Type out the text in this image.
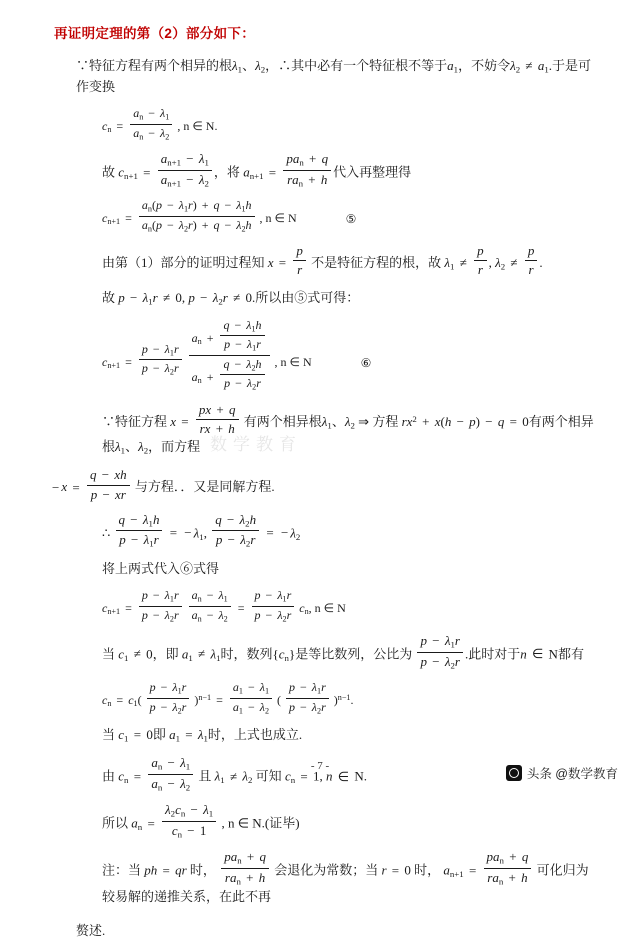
再证明定理的第（2）部分如下：
∵特征方程有两个相异的根$\lambda_1$、$\lambda_2$，∴其中必有一个特征根不等于$a_1$，不妨令$\lambda_2 \ne a_1$.于是可作变换
$c_n = \frac{a_n - \lambda_1}{a_n - \lambda_2}$ , n ∈ N.
故 $c_{n+1} = \frac{a_{n+1} - \lambda_1}{a_{n+1} - \lambda_2}$ ，将 $a_{n+1} = \frac{pa_n + q}{ra_n + h}$ 代入再整理得
$c_{n+1} = \frac{a_n(p - \lambda_1r) + q - \lambda_1h}{a_n(p - \lambda_2r) + q - \lambda_2h}$ , n ∈ N	⑤
由第（1）部分的证明过程知 $x = \frac{p}{r}$ 不是特征方程的根，故 $\lambda_1 \ne \frac{p}{r}$ , $\lambda_2 \ne \frac{p}{r}$ .
故 $p - \lambda_1r \ne 0$, $p - \lambda_2r \ne 0$.所以由⑤式可得：
$c_{n+1} = \frac{p - \lambda_1r}{p - \lambda_2r}$
$\frac{a_n + \frac{q - \lambda_1h}{p - \lambda_1r}}{a_n + \frac{q - \lambda_2h}{p - \lambda_2r}}$ , n ∈ N	⑥
∵特征方程 $x = \frac{px + q}{rx + h}$ 有两个相异根$\lambda_1$、$\lambda_2$ ⇒ 方程 $rx^2 + x(h - p) - q = 0$有两个相异根$\lambda_1$、$\lambda_2$，而方程
− $x = \frac{q - xh}{p - xr}$ 与方程．．又是同解方程.
∴ $\frac{q - \lambda_1h}{p - \lambda_1r}$ = − $\lambda_1$, $\frac{q - \lambda_2h}{p - \lambda_2r}$ = − $\lambda_2$
将上两式代入⑥式得
$c_{n+1} = \frac{p - \lambda_1r}{p - \lambda_2r}$
$\frac{a_n - \lambda_1}{a_n - \lambda_2} = \frac{p - \lambda_1r}{p - \lambda_2r} c_n$, n ∈ N
当 $c_1 \ne 0$，即 $a_1 \ne \lambda_1$时，数列$\{c_n\}$是等比数列，公比为 $\frac{p - \lambda_1r}{p - \lambda_2r}$ .此时对于n ∈ N都有
$c_n = c_1( \frac{p - \lambda_1r}{p - \lambda_2r} )^{n-1} = \frac{a_1 - \lambda_1}{a_1 - \lambda_2}$ ( $\frac{p - \lambda_1r}{p - \lambda_2r} )^{n-1}$.
当 $c_1 = 0$即 $a_1 = \lambda_1$时，上式也成立.
由 $c_n = \frac{a_n - \lambda_1}{a_n - \lambda_2}$ 且 $\lambda_1 \ne \lambda_2$ 可知 $c_n = 1$, n ∈ N.
所以 $a_n = \frac{\lambda_2c_n - \lambda_1}{c_n - 1}$ , n ∈ N.(证毕)
注：当 ph = qr 时， $\frac{pa_n + q}{ra_n + h}$ 会退化为常数；当 r = 0 时， $a_{n+1} = \frac{pa_n + q}{ra_n + h}$ 可化归为较易解的递推关系，在此不再
赘述.
数学教育
- 7 -
头条 @数学教育
